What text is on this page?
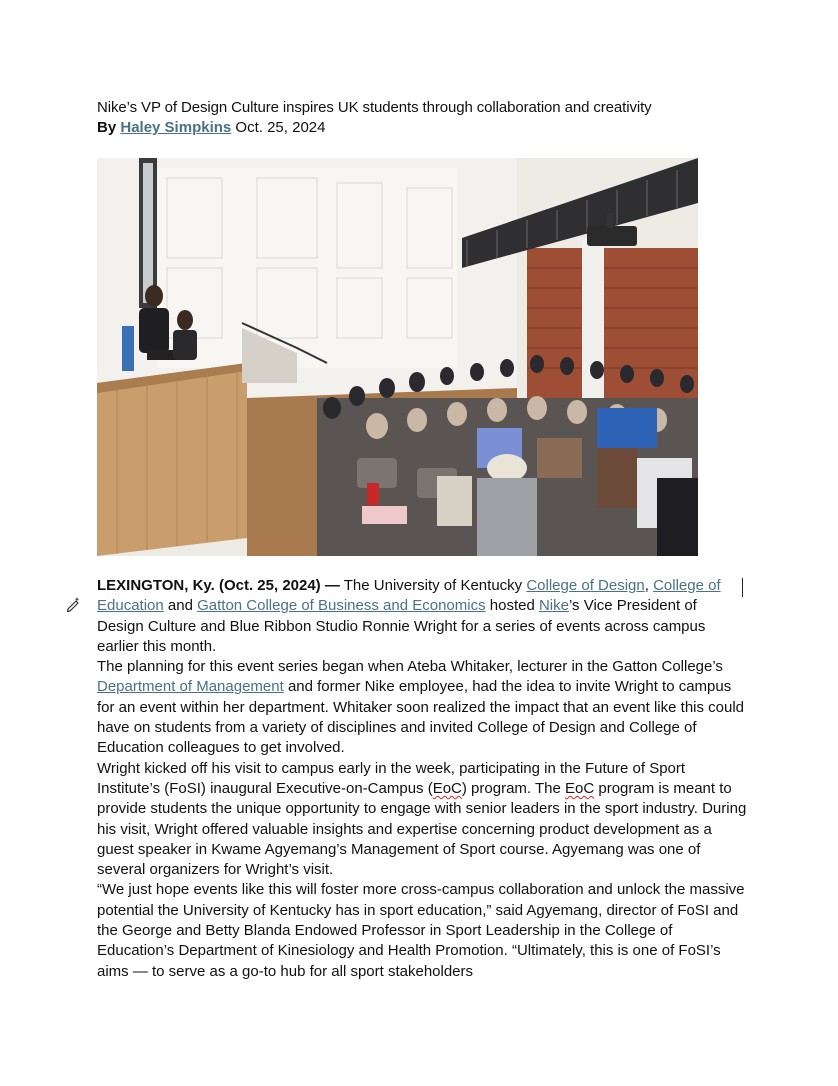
Nike’s VP of Design Culture inspires UK students through collaboration and creativity

By Haley Simpkins Oct. 25, 2024

LEXINGTON, Ky. (Oct. 25, 2024) — The University of Kentucky College of Design, College of Education and Gatton College of Business and Economics hosted Nike’s Vice President of Design Culture and Blue Ribbon Studio Ronnie Wright for a series of events across campus earlier this month.

The planning for this event series began when Ateba Whitaker, lecturer in the Gatton College’s Department of Management and former Nike employee, had the idea to invite Wright to campus for an event within her department. Whitaker soon realized the impact that an event like this could have on students from a variety of disciplines and invited College of Design and College of Education colleagues to get involved.

Wright kicked off his visit to campus early in the week, participating in the Future of Sport Institute’s (FoSI) inaugural Executive-on-Campus (EoC) program. The EoC program is meant to provide students the unique opportunity to engage with senior leaders in the sport industry. During his visit, Wright offered valuable insights and expertise concerning product development as a guest speaker in Kwame Agyemang’s Management of Sport course. Agyemang was one of several organizers for Wright’s visit.

“We just hope events like this will foster more cross-campus collaboration and unlock the massive potential the University of Kentucky has in sport education,” said Agyemang, director of FoSI and the George and Betty Blanda Endowed Professor in Sport Leadership in the College of Education’s Department of Kinesiology and Health Promotion. “Ultimately, this is one of FoSI’s aims — to serve as a go-to hub for all sport stakeholders
